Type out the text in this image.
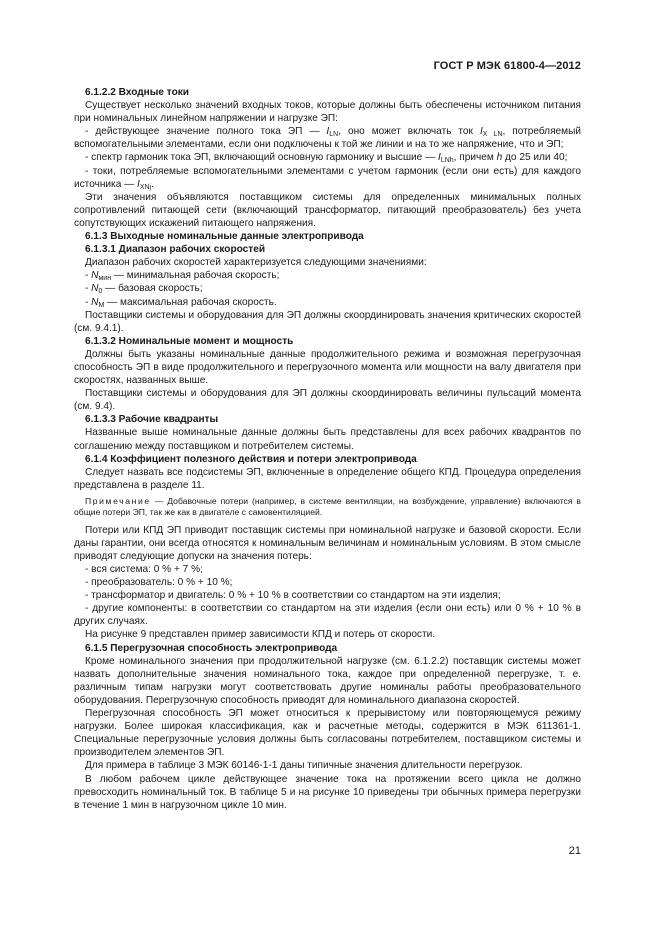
ГОСТ Р МЭК 61800-4—2012

6.1.2.2 Входные токи

Существует несколько значений входных токов, которые должны быть обеспечены источником питания при номинальных линейном напряжении и нагрузке ЭП:

- действующее значение полного тока ЭП — $I_{LN}$, оно может включать ток $I_{X LN}$, потребляемый вспомогательными элементами, если они подключены к той же линии и на то же напряжение, что и ЭП;

- спектр гармоник тока ЭП, включающий основную гармонику и высшие — $I_{LNh}$, причем h до 25 или 40;

- токи, потребляемые вспомогательными элементами с учетом гармоник (если они есть) для каждого источника — $I_{XNj}$.

Эти значения объявляются поставщиком системы для определенных минимальных полных сопротивлений питающей сети (включающий трансформатор, питающий преобразователь) без учета сопутствующих искажений питающего напряжения.

6.1.3 Выходные номинальные данные электропривода

6.1.3.1 Диапазон рабочих скоростей

Диапазон рабочих скоростей характеризуется следующими значениями:

- $N_{мин}$ — минимальная рабочая скорость;

- $N_0$ — базовая скорость;

- $N_M$ — максимальная рабочая скорость.

Поставщики системы и оборудования для ЭП должны скоординировать значения критических скоростей (см. 9.4.1).

6.1.3.2 Номинальные момент и мощность

Должны быть указаны номинальные данные продолжительного режима и возможная перегрузочная способность ЭП в виде продолжительного и перегрузочного момента или мощности на валу двигателя при скоростях, названных выше.

Поставщики системы и оборудования для ЭП должны скоординировать величины пульсаций момента (см. 9.4).

6.1.3.3 Рабочие квадранты

Названные выше номинальные данные должны быть представлены для всех рабочих квадрантов по соглашению между поставщиком и потребителем системы.

6.1.4 Коэффициент полезного действия и потери электропривода

Следует назвать все подсистемы ЭП, включенные в определение общего КПД. Процедура определения представлена в разделе 11.

Примечание — Добавочные потери (например, в системе вентиляции, на возбуждение, управление) включаются в общие потери ЭП, так же как в двигателе с самовентиляцией.

Потери или КПД ЭП приводит поставщик системы при номинальной нагрузке и базовой скорости. Если даны гарантии, они всегда относятся к номинальным величинам и номинальным условиям. В этом смысле приводят следующие допуски на значения потерь:

- вся система: 0 % + 7 %;

- преобразователь: 0 % + 10 %;

- трансформатор и двигатель: 0 % + 10 % в соответствии со стандартом на эти изделия;

- другие компоненты: в соответствии со стандартом на эти изделия (если они есть) или 0 % + 10 % в других случаях.

На рисунке 9 представлен пример зависимости КПД и потерь от скорости.

6.1.5 Перегрузочная способность электропривода

Кроме номинального значения при продолжительной нагрузке (см. 6.1.2.2) поставщик системы может назвать дополнительные значения номинального тока, каждое при определенной перегрузке, т. е. различным типам нагрузки могут соответствовать другие номиналы работы преобразовательного оборудования. Перегрузочную способность приводят для номинального диапазона скоростей.

Перегрузочная способность ЭП может относиться к прерывистому или повторяющемуся режиму нагрузки. Более широкая классификация, как и расчетные методы, содержится в МЭК 611361-1. Специальные перегрузочные условия должны быть согласованы потребителем, поставщиком системы и производителем элементов ЭП.

Для примера в таблице 3 МЭК 60146-1-1 даны типичные значения длительности перегрузок.

В любом рабочем цикле действующее значение тока на протяжении всего цикла не должно превосходить номинальный ток. В таблице 5 и на рисунке 10 приведены три обычных примера перегрузки в течение 1 мин в нагрузочном цикле 10 мин.

21
